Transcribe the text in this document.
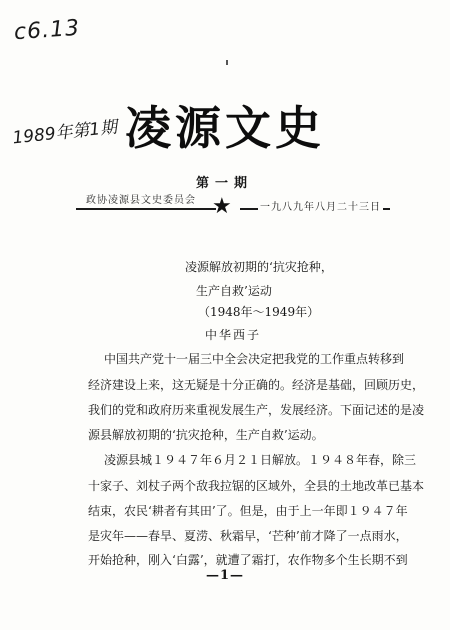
c6.13
1989年第1期 凌源文史
第一期
政协凌源县文史委员会 ★	一九八九年八月二十三日
凌源解放初期的‘抗灾抢种，
生产自救’运动
（1948年～1949年）
中华西子
中国共产党十一届三中全会决定把我党的工作重点转移到
经济建设上来，这无疑是十分正确的。经济是基础，回顾历史，
我们的党和政府历来重视发展生产，发展经济。下面记述的是凌
源县解放初期的‘抗灾抢种，生产自救’运动。
凌源县城１９４７年６月２１日解放。１９４８年春，除三
十家子、刘杖子两个敌我拉锯的区域外，全县的土地改革已基本
结束，农民‘耕者有其田’了。但是，由于上一年即１９４７年
是灾年——春旱、夏涝、秋霜早，‘芒种’前才降了一点雨水，
开始抢种，刚入‘白露’，就遭了霜打，农作物多个生长期不到
—1—
